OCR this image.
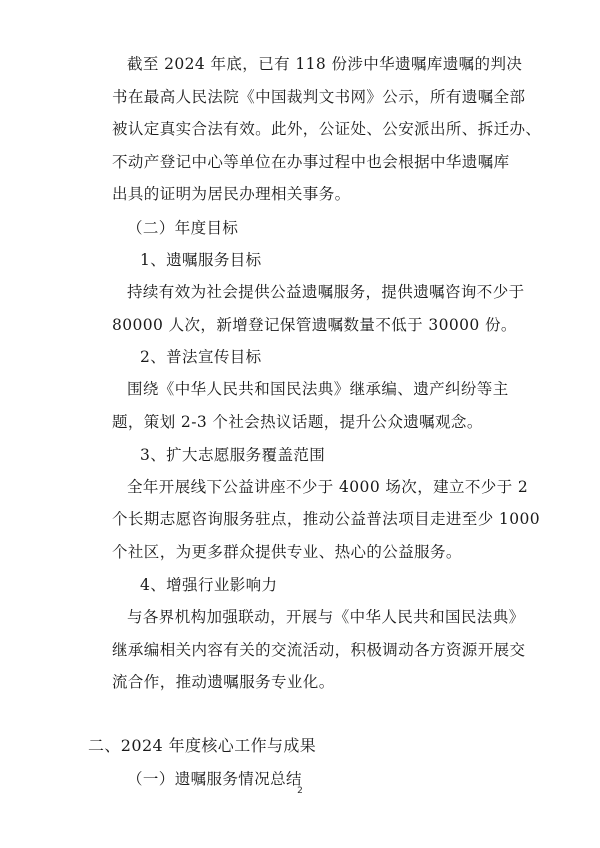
截至 2024 年底，已有 118 份涉中华遗嘱库遗嘱的判决
书在最高人民法院《中国裁判文书网》公示，所有遗嘱全部
被认定真实合法有效。此外，公证处、公安派出所、拆迁办、
不动产登记中心等单位在办事过程中也会根据中华遗嘱库
出具的证明为居民办理相关事务。
（二）年度目标
1、遗嘱服务目标
持续有效为社会提供公益遗嘱服务，提供遗嘱咨询不少于
80000 人次，新增登记保管遗嘱数量不低于 30000 份。
2、普法宣传目标
围绕《中华人民共和国民法典》继承编、遗产纠纷等主
题，策划 2-3 个社会热议话题，提升公众遗嘱观念。
3、扩大志愿服务覆盖范围
全年开展线下公益讲座不少于 4000 场次，建立不少于 2
个长期志愿咨询服务驻点，推动公益普法项目走进至少 1000
个社区，为更多群众提供专业、热心的公益服务。
4、增强行业影响力
与各界机构加强联动，开展与《中华人民共和国民法典》
继承编相关内容有关的交流活动，积极调动各方资源开展交
流合作，推动遗嘱服务专业化。
二、2024 年度核心工作与成果
（一）遗嘱服务情况总结
2
